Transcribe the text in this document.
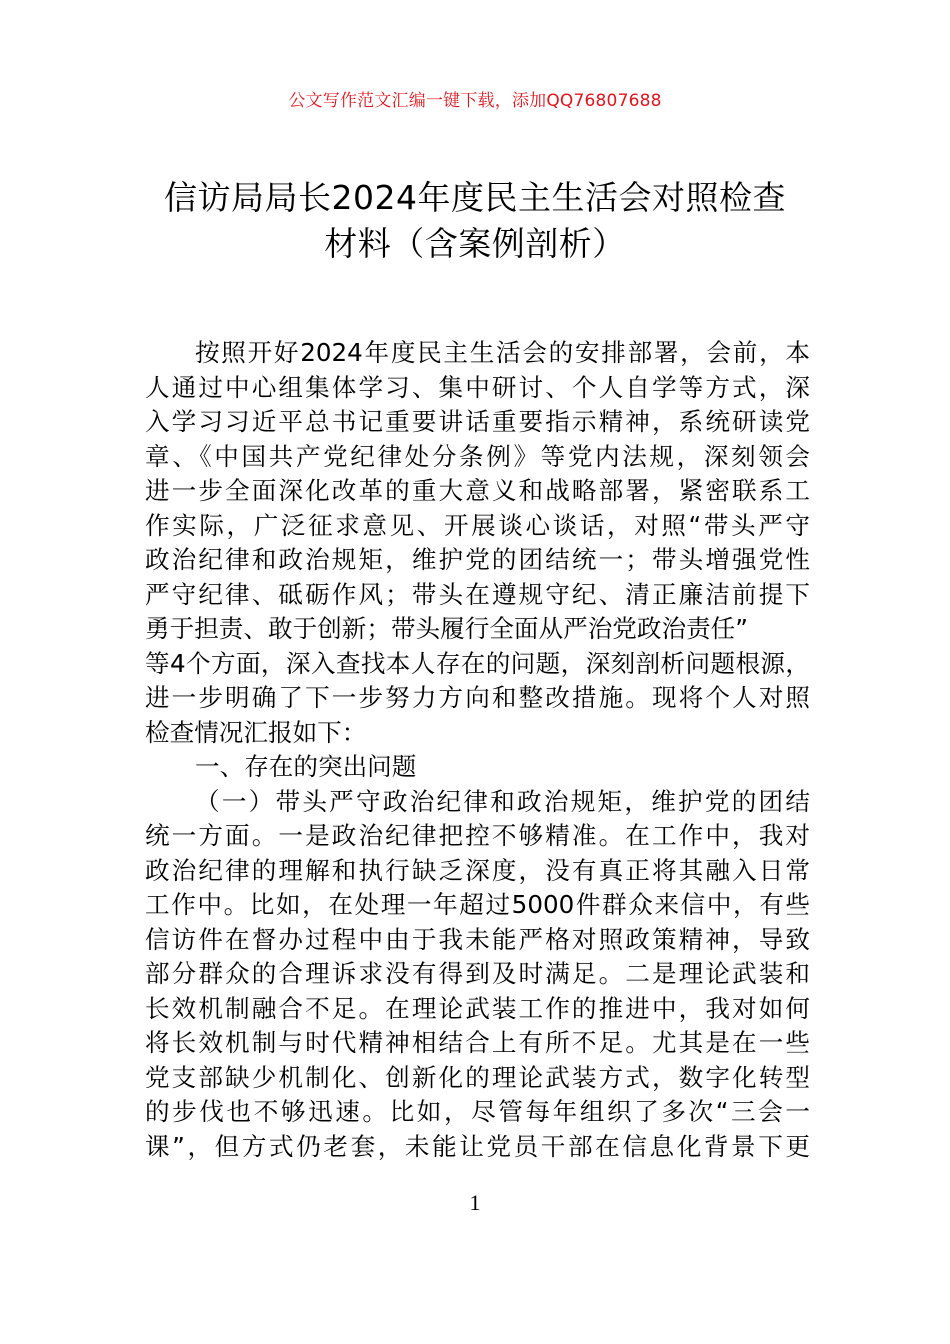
公文写作范文汇编一键下载，添加QQ76807688
信访局局长2024年度民主生活会对照检查
材料（含案例剖析）
按照开好2024年度民主生活会的安排部署，会前，本
人通过中心组集体学习、集中研讨、个人自学等方式，深
入学习习近平总书记重要讲话重要指示精神，系统研读党
章、《中国共产党纪律处分条例》等党内法规，深刻领会
进一步全面深化改革的重大意义和战略部署，紧密联系工
作实际，广泛征求意见、开展谈心谈话，对照“带头严守
政治纪律和政治规矩，维护党的团结统一；带头增强党性
严守纪律、砥砺作风；带头在遵规守纪、清正廉洁前提下
勇于担责、敢于创新；带头履行全面从严治党政治责任”
等4个方面，深入查找本人存在的问题，深刻剖析问题根源，
进一步明确了下一步努力方向和整改措施。现将个人对照
检查情况汇报如下：
一、存在的突出问题
（一）带头严守政治纪律和政治规矩，维护党的团结
统一方面。一是政治纪律把控不够精准。在工作中，我对
政治纪律的理解和执行缺乏深度，没有真正将其融入日常
工作中。比如，在处理一年超过5000件群众来信中，有些
信访件在督办过程中由于我未能严格对照政策精神，导致
部分群众的合理诉求没有得到及时满足。二是理论武装和
长效机制融合不足。在理论武装工作的推进中，我对如何
将长效机制与时代精神相结合上有所不足。尤其是在一些
党支部缺少机制化、创新化的理论武装方式，数字化转型
的步伐也不够迅速。比如，尽管每年组织了多次“三会一
课”，但方式仍老套，未能让党员干部在信息化背景下更
1
